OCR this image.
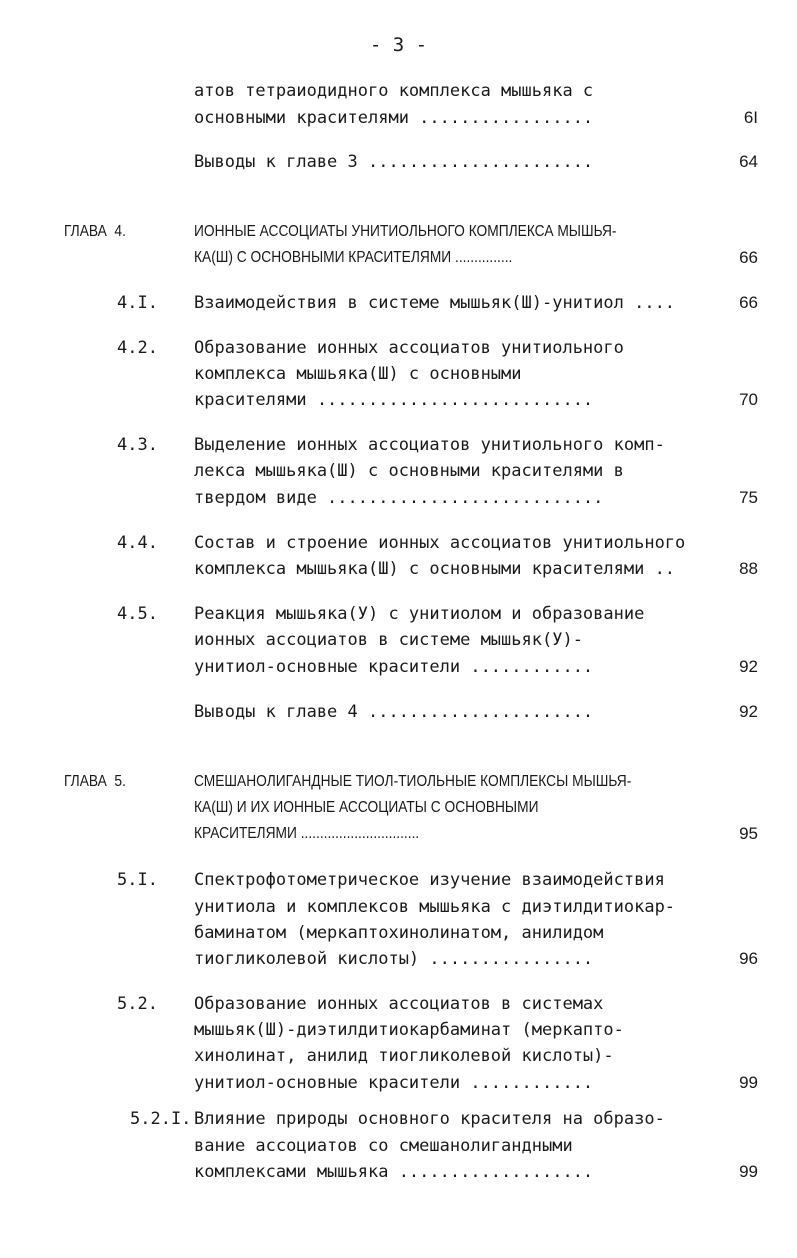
- 3 -
атов тетраиодидного комплекса мышьяка с
основными красителями .................	6I
Выводы к главе 3 ......................	64
ГЛАВА  4.	ИОННЫЕ АССОЦИАТЫ УНИТИОЛЬНОГО КОМПЛЕКСА МЫШЬЯ-
КА(Ш) С ОСНОВНЫМИ КРАСИТЕЛЯМИ ...............	66
4.I. Взаимодействия в системе мышьяк(Ш)-унитиол ....	66
4.2. Образование ионных ассоциатов унитиольного
комплекса мышьяка(Ш) с основными
красителями ...........................	70
4.3. Выделение ионных ассоциатов унитиольного комп-
лекса мышьяка(Ш) с основными красителями в
твердом виде ...........................	75
4.4. Состав и строение ионных ассоциатов унитиольного
комплекса мышьяка(Ш) с основными красителями ..	88
4.5. Реакция мышьяка(У) с унитиолом и образование
ионных ассоциатов в системе мышьяк(У)-
унитиол-основные красители ............	92
Выводы к главе 4 ......................	92
ГЛАВА  5.	СМЕШАНОЛИГАНДНЫЕ ТИОЛ-ТИОЛЬНЫЕ КОМПЛЕКСЫ МЫШЬЯ-
КА(Ш) И ИХ ИОННЫЕ АССОЦИАТЫ С ОСНОВНЫМИ
КРАСИТЕЛЯМИ ...............................	95
5.I. Спектрофотометрическое изучение взаимодействия
унитиола и комплексов мышьяка с диэтилдитиокар-
баминатом (меркаптохинолинатом, анилидом
тиогликолевой кислоты) ................	96
5.2. Образование ионных ассоциатов в системах
мышьяк(Ш)-диэтилдитиокарбаминат (меркапто-
хинолинат, анилид тиогликолевой кислоты)-
унитиол-основные красители ............	99
5.2.I. Влияние природы основного красителя на образо-
вание ассоциатов со смешанолигандными
комплексами мышьяка ...................	99
